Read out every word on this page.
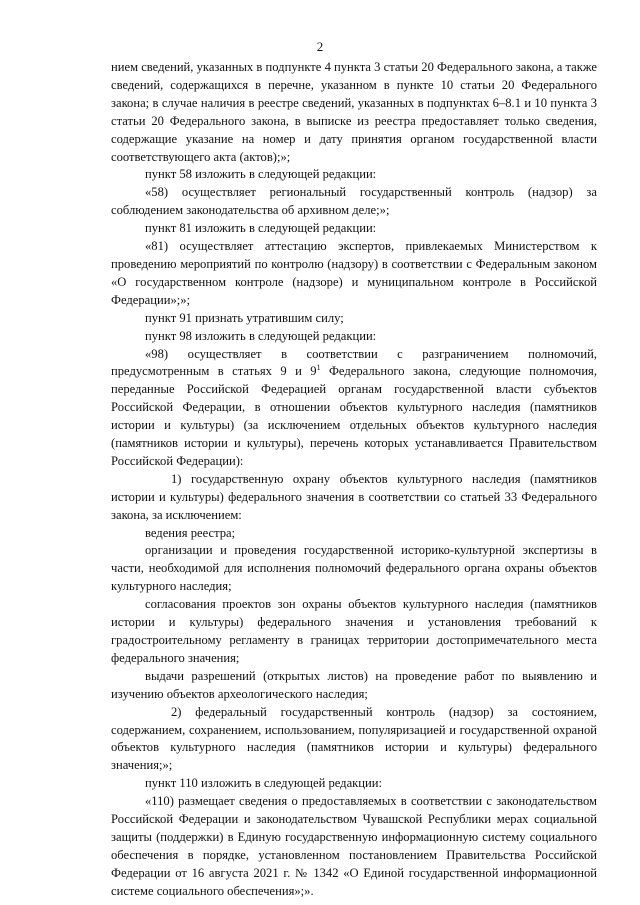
2

нием сведений, указанных в подпункте 4 пункта 3 статьи 20 Федерального закона, а также сведений, содержащихся в перечне, указанном в пункте 10 статьи 20 Федерального закона; в случае наличия в реестре сведений, указанных в подпунктах 6–8.1 и 10 пункта 3 статьи 20 Федерального закона, в выписке из реестра предоставляет только сведения, содержащие указание на номер и дату принятия органом государственной власти соответствующего акта (актов);»;

пункт 58 изложить в следующей редакции:

«58) осуществляет региональный государственный контроль (надзор) за соблюдением законодательства об архивном деле;»;

пункт 81 изложить в следующей редакции:

«81) осуществляет аттестацию экспертов, привлекаемых Министерством к проведению мероприятий по контролю (надзору) в соответствии с Федеральным законом «О государственном контроле (надзоре) и муниципальном контроле в Российской Федерации»;»;

пункт 91 признать утратившим силу;

пункт 98 изложить в следующей редакции:

«98) осуществляет в соответствии с разграничением полномочий, предусмотренным в статьях 9 и $9^1$ Федерального закона, следующие полномочия, переданные Российской Федерацией органам государственной власти субъектов Российской Федерации, в отношении объектов культурного наследия (памятников истории и культуры) (за исключением отдельных объектов культурного наследия (памятников истории и культуры), перечень которых устанавливается Правительством Российской Федерации):

1) государственную охрану объектов культурного наследия (памятников истории и культуры) федерального значения в соответствии со статьей 33 Федерального закона, за исключением:

ведения реестра;

организации и проведения государственной историко-культурной экспертизы в части, необходимой для исполнения полномочий федерального органа охраны объектов культурного наследия;

согласования проектов зон охраны объектов культурного наследия (памятников истории и культуры) федерального значения и установления требований к градостроительному регламенту в границах территории достопримечательного места федерального значения;

выдачи разрешений (открытых листов) на проведение работ по выявлению и изучению объектов археологического наследия;

2) федеральный государственный контроль (надзор) за состоянием, содержанием, сохранением, использованием, популяризацией и государственной охраной объектов культурного наследия (памятников истории и культуры) федерального значения;»;

пункт 110 изложить в следующей редакции:

«110) размещает сведения о предоставляемых в соответствии с законодательством Российской Федерации и законодательством Чувашской Республики мерах социальной защиты (поддержки) в Единую государственную информационную систему социального обеспечения в порядке, установленном постановлением Правительства Российской Федерации от 16 августа 2021 г. № 1342 «О Единой государственной информационной системе социального обеспечения»;».
